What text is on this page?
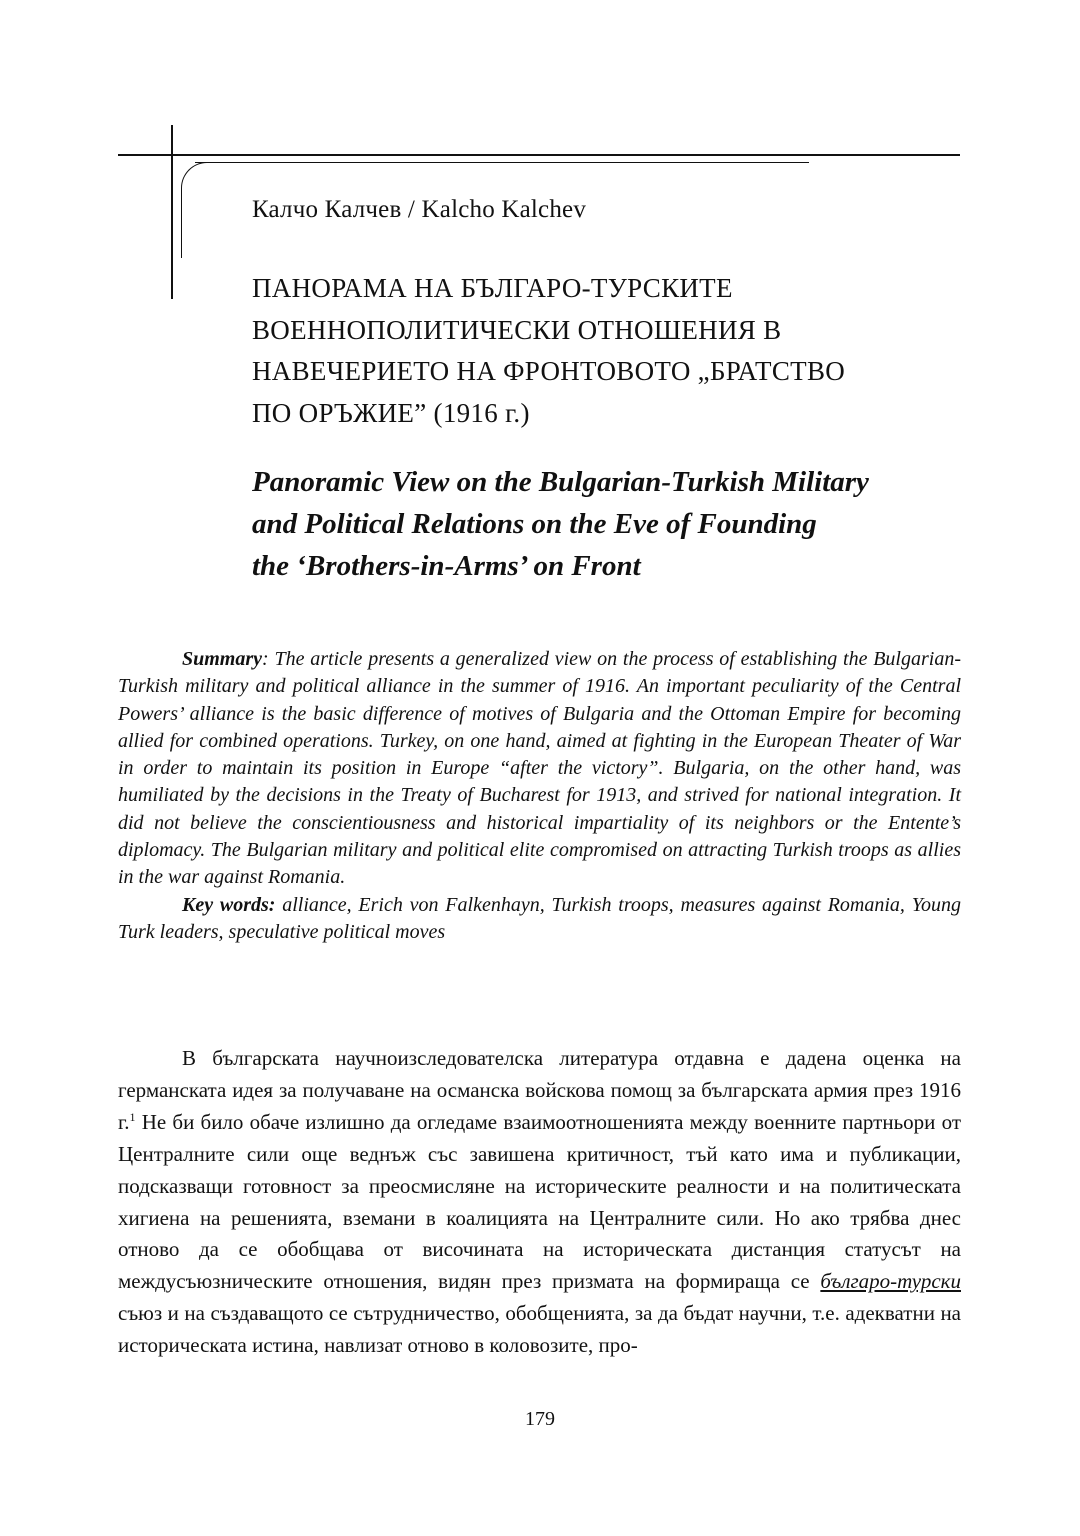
Калчо Калчев / Kalcho Kalchev
ПАНОРАМА НА БЪЛГАРО-ТУРСКИТЕ
ВОЕННОПОЛИТИЧЕСКИ ОТНОШЕНИЯ В
НАВЕЧЕРИЕТО НА ФРОНТОВОТО „БРАТСТВО
ПО ОРЪЖИЕ” (1916 г.)
Panoramic View on the Bulgarian-Turkish Military
and Political Relations on the Eve of Founding
the ‘Brothers-in-Arms’ on Front

Summary: The article presents a generalized view on the process of establishing the Bulgarian-Turkish military and political alliance in the summer of 1916. An important peculiarity of the Central Powers’ alliance is the basic difference of motives of Bulgaria and the Ottoman Empire for becoming allied for combined operations. Turkey, on one hand, aimed at fighting in the European Theater of War in order to maintain its position in Europe “after the victory”. Bulgaria, on the other hand, was humiliated by the decisions in the Treaty of Bucharest for 1913, and strived for national integration. It did not believe the conscientiousness and historical impartiality of its neighbors or the Entente’s diplomacy. The Bulgarian military and political elite compromised on attracting Turkish troops as allies in the war against Romania.

Key words: alliance, Erich von Falkenhayn, Turkish troops, measures against Romania, Young Turk leaders, speculative political moves

В българската научноизследователска литература отдавна е дадена оценка на германската идея за получаване на османска войскова помощ за българската армия през 1916 г.$^1$ Не би било обаче излишно да огледаме взаимоотношенията между военните партньори от Централните сили още веднъж със завишена критичност, тъй като има и публикации, подсказващи готовност за преосмисляне на историческите реалности и на политическата хигиена на решенията, вземани в коалицията на Централните сили. Но ако трябва днес отново да се обобщава от височината на историческата дистанция статусът на междусъюзническите отношения, видян през призмата на формираща се българо-турски съюз и на създаващото се сътрудничество, обобщенията, за да бъдат научни, т.е. адекватни на историческата истина, навлизат отново в коловозите, про-

179
